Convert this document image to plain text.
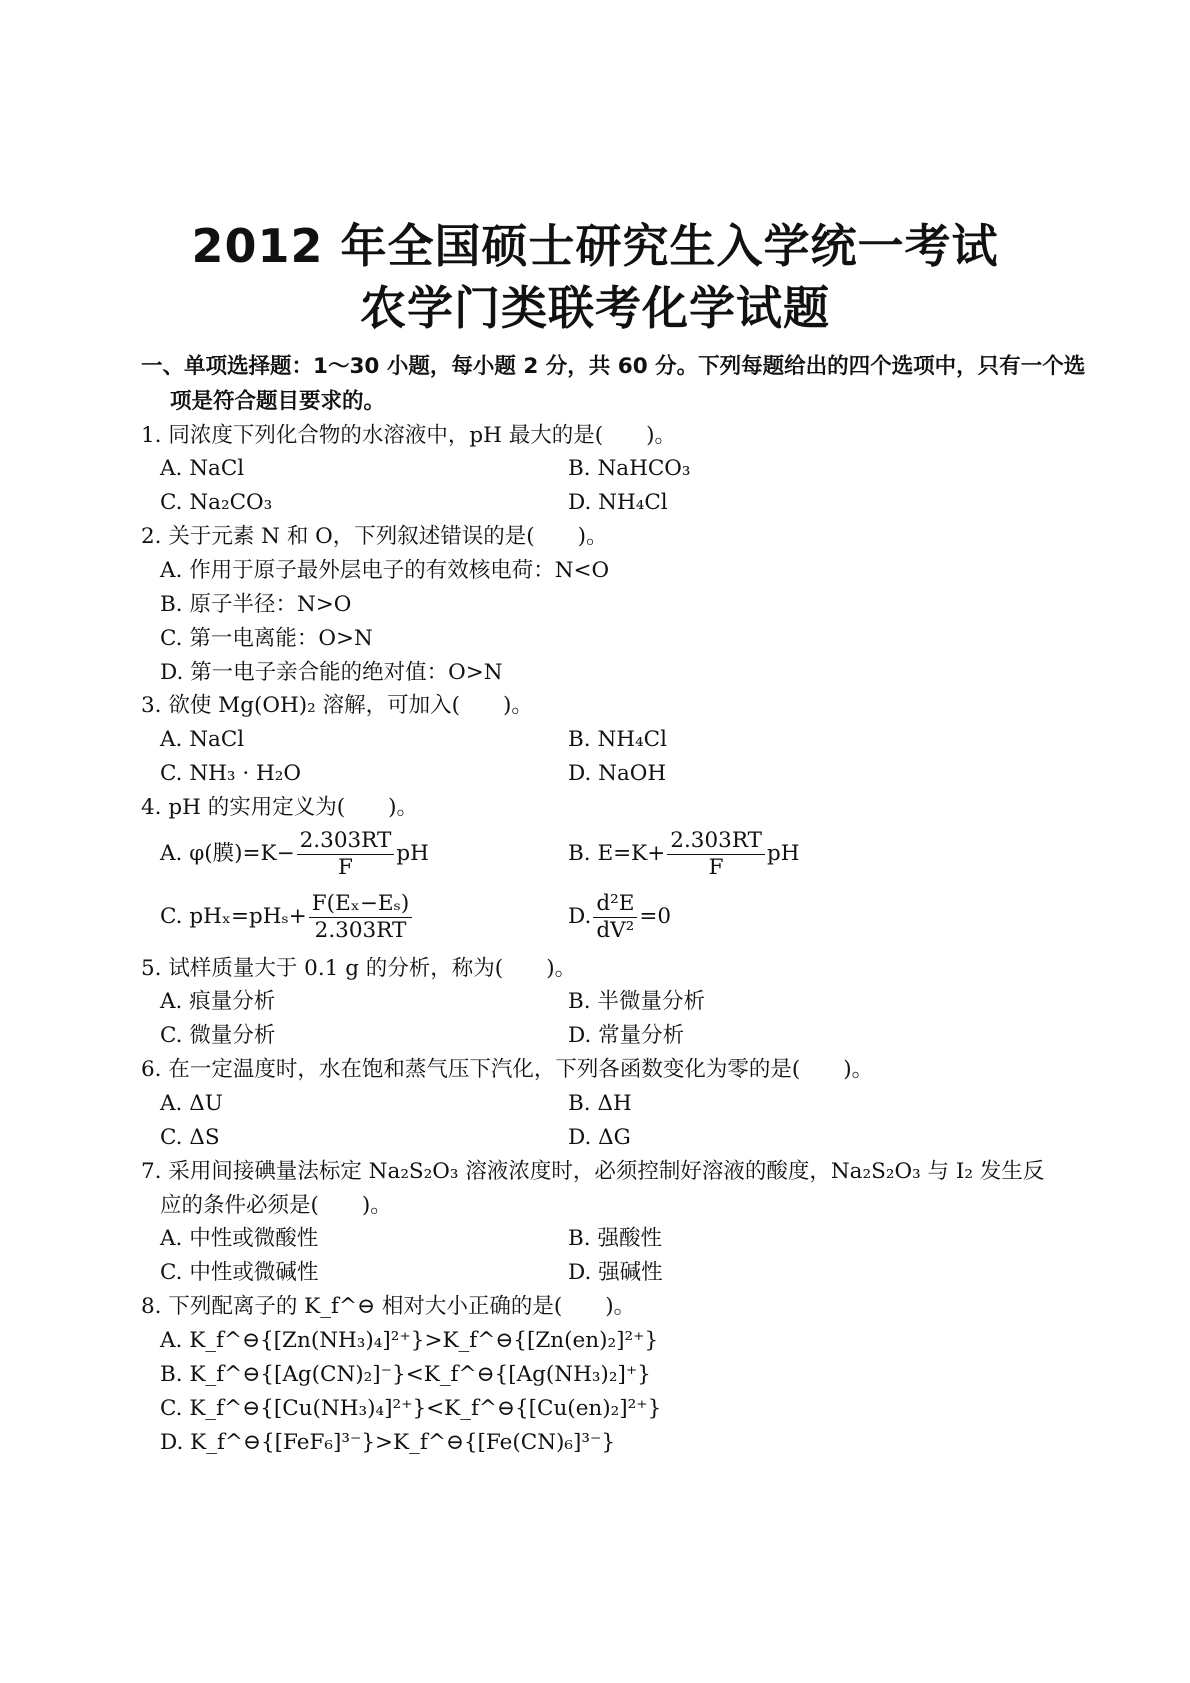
2012 年全国硕士研究生入学统一考试
农学门类联考化学试题
一、单项选择题：1～30 小题，每小题 2 分，共 60 分。下列每题给出的四个选项中，只有一个选
项是符合题目要求的。
1. 同浓度下列化合物的水溶液中，pH 最大的是(　　)。
A. NaCl	B. NaHCO₃
C. Na₂CO₃	D. NH₄Cl
2. 关于元素 N 和 O，下列叙述错误的是(　　)。
A. 作用于原子最外层电子的有效核电荷：N<O
B. 原子半径：N>O
C. 第一电离能：O>N
D. 第一电子亲合能的绝对值：O>N
3. 欲使 Mg(OH)₂ 溶解，可加入(　　)。
A. NaCl	B. NH₄Cl
C. NH₃ · H₂O	D. NaOH
4. pH 的实用定义为(　　)。
A. φ(膜)$=K- \frac{2.303RT}{F}$ pH	B. $E=K+ \frac{2.303RT}{F}$ pH
C. $pH_x=pH_s+ \frac{\text{F(Eₓ−Eₛ)}}{2.303RT}$	D. $\frac{\text{d²E}}{\text{dV²}} =0$
5. 试样质量大于 0.1 g 的分析，称为(　　)。
A. 痕量分析	B. 半微量分析
C. 微量分析	D. 常量分析
6. 在一定温度时，水在饱和蒸气压下汽化，下列各函数变化为零的是(　　)。
A. ΔU	B. ΔH
C. ΔS	D. ΔG
7. 采用间接碘量法标定 Na₂S₂O₃ 溶液浓度时，必须控制好溶液的酸度，Na₂S₂O₃ 与 I₂ 发生反
应的条件必须是(　　)。
A. 中性或微酸性	B. 强酸性
C. 中性或微碱性	D. 强碱性
8. 下列配离子的 K_f^⊖ 相对大小正确的是(　　)。
A. K_f^⊖{[Zn(NH₃)₄]²⁺}>K_f^⊖{[Zn(en)₂]²⁺}
B. K_f^⊖{[Ag(CN)₂]⁻}<K_f^⊖{[Ag(NH₃)₂]⁺}
C. K_f^⊖{[Cu(NH₃)₄]²⁺}<K_f^⊖{[Cu(en)₂]²⁺}
D. K_f^⊖{[FeF₆]³⁻}>K_f^⊖{[Fe(CN)₆]³⁻}
